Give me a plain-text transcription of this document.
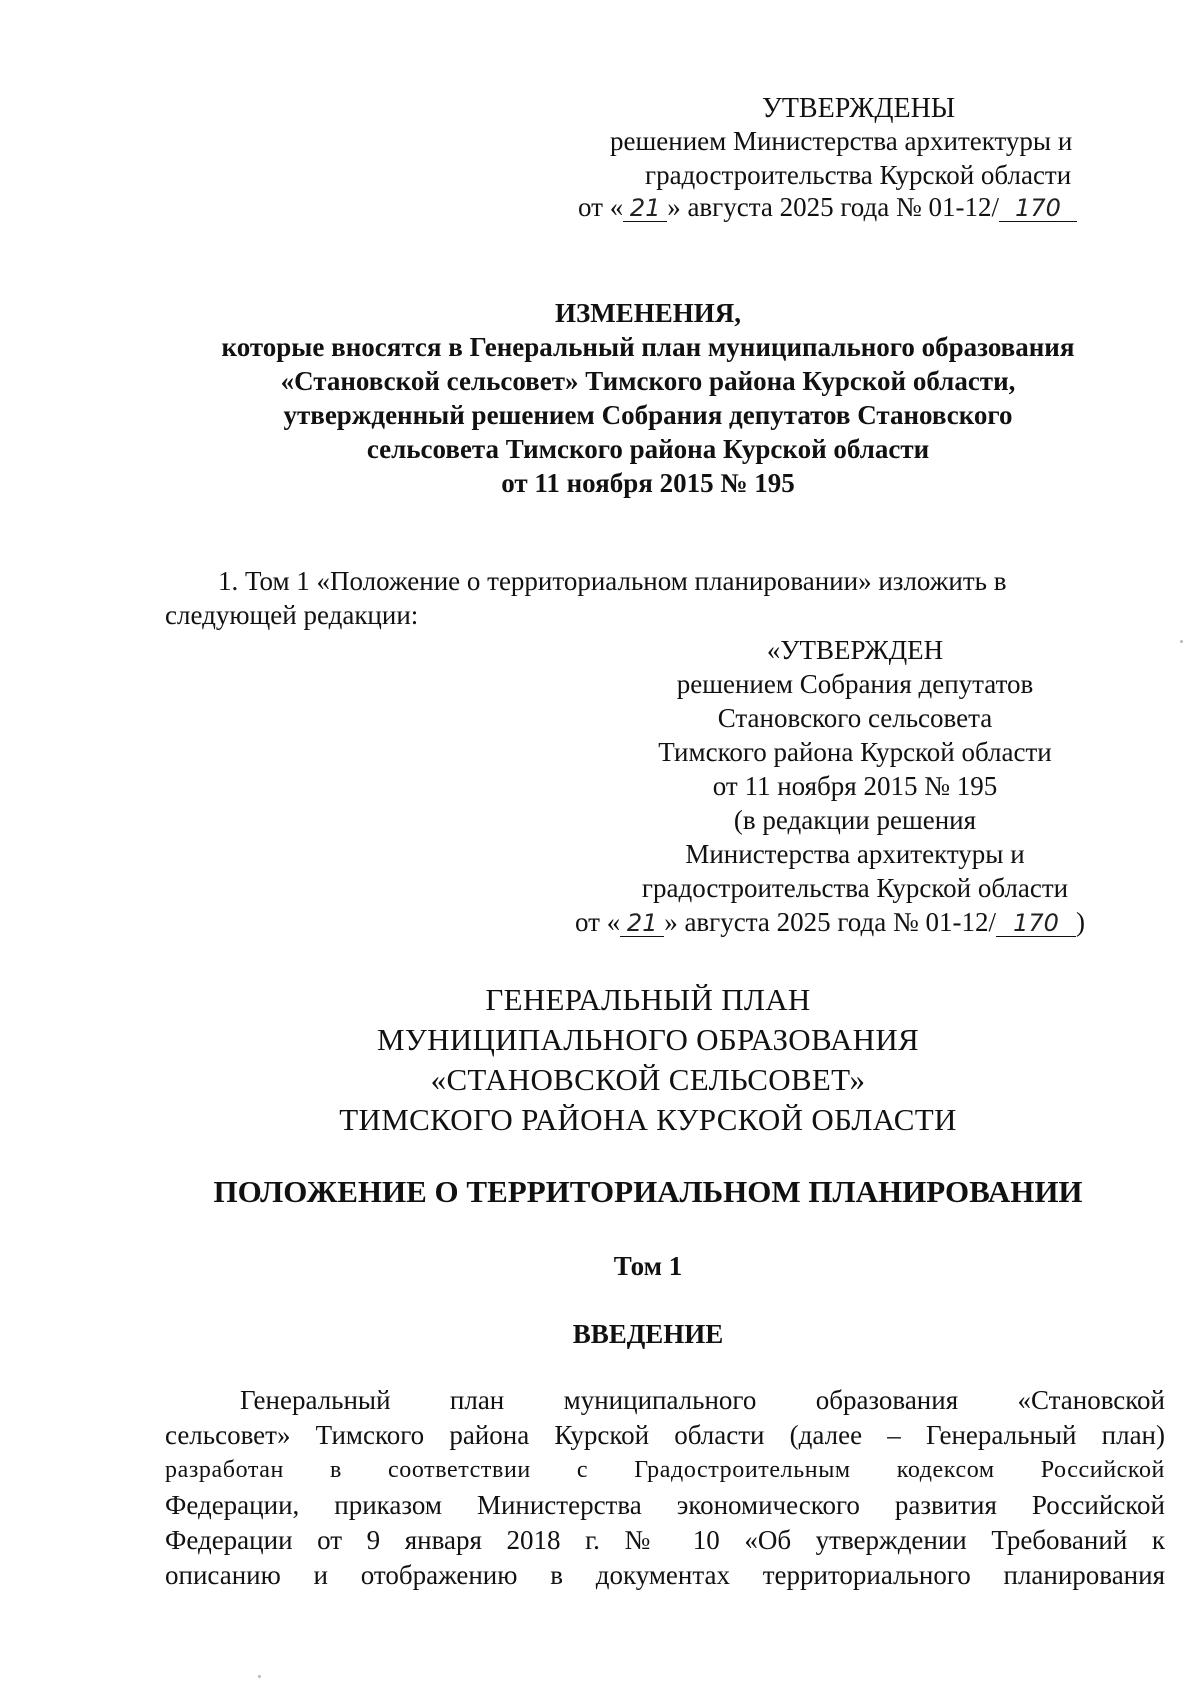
УТВЕРЖДЕНЫ
решением Министерства архитектуры и
градостроительства Курской области
от « 21 » августа 2025 года № 01-12/ 170
ИЗМЕНЕНИЯ,
которые вносятся в Генеральный план муниципального образования
«Становской сельсовет» Тимского района Курской области,
утвержденный решением Собрания депутатов Становского
сельсовета Тимского района Курской области
от 11 ноября 2015 № 195
1. Том 1 «Положение о территориальном планировании» изложить в
следующей редакции:
«УТВЕРЖДЕН
решением Собрания депутатов
Становского сельсовета
Тимского района Курской области
от 11 ноября 2015 № 195
(в редакции решения
Министерства архитектуры и
градостроительства Курской области
от « 21 » августа 2025 года № 01-12/ 170 )
ГЕНЕРАЛЬНЫЙ ПЛАН
МУНИЦИПАЛЬНОГО ОБРАЗОВАНИЯ
«СТАНОВСКОЙ СЕЛЬСОВЕТ»
ТИМСКОГО РАЙОНА КУРСКОЙ ОБЛАСТИ
ПОЛОЖЕНИЕ О ТЕРРИТОРИАЛЬНОМ ПЛАНИРОВАНИИ
Том 1
ВВЕДЕНИЕ
Генеральный план муниципального образования «Становской
сельсовет» Тимского района Курской области (далее – Генеральный план)
разработан в соответствии с Градостроительным кодексом Российской
Федерации, приказом Министерства экономического развития Российской
Федерации от 9 января 2018 г. № 10 «Об утверждении Требований к
описанию и отображению в документах территориального планирования
